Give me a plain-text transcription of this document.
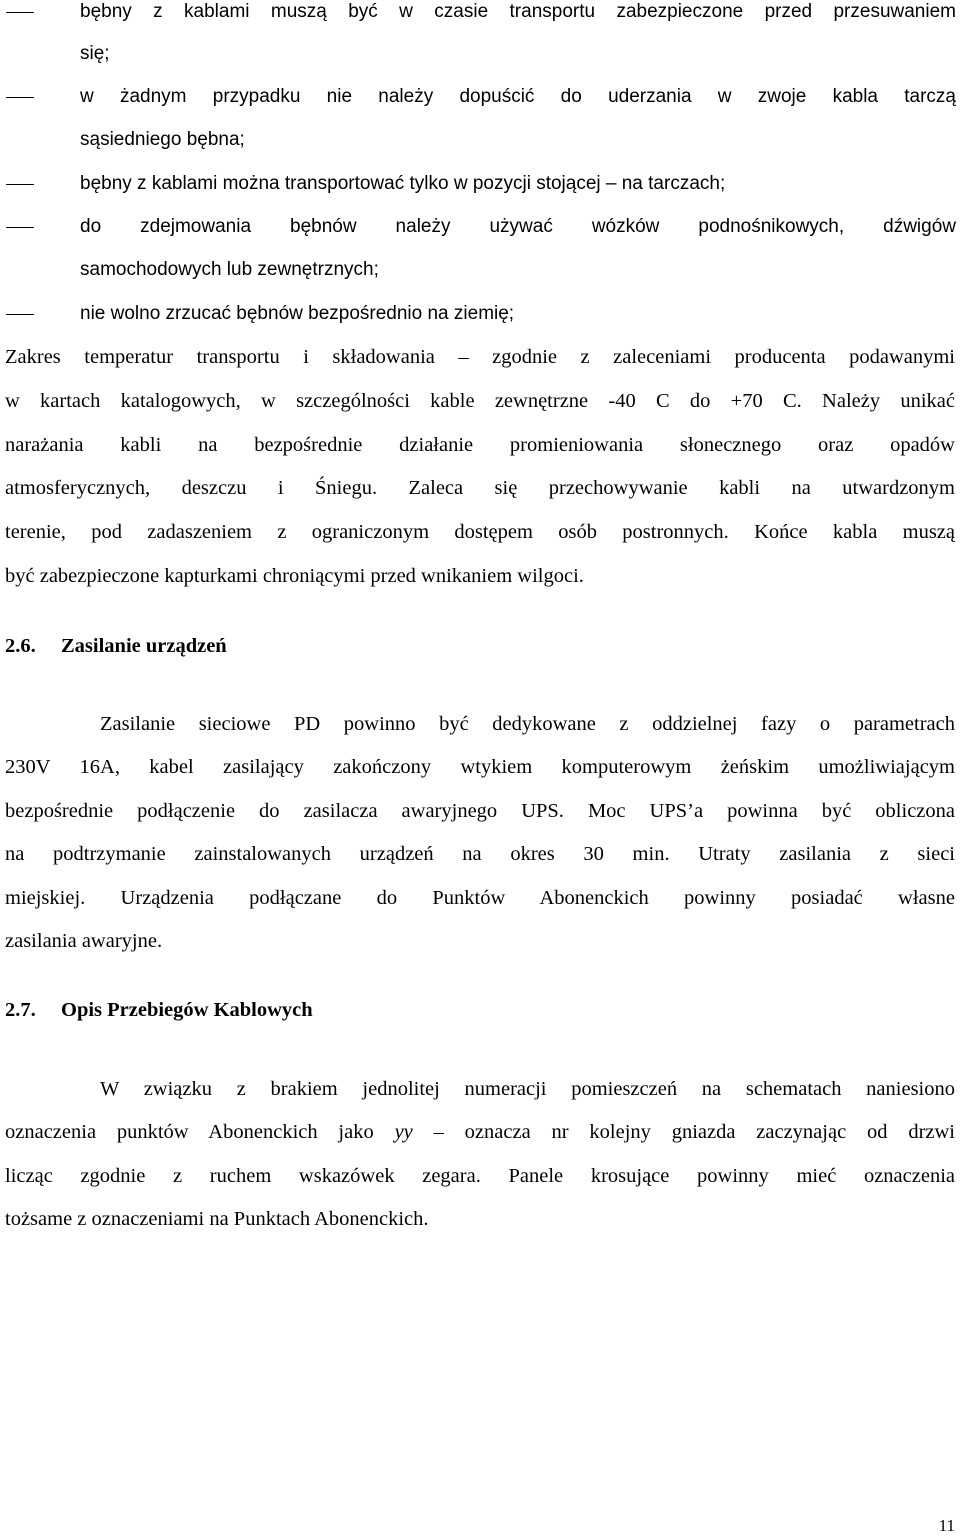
bębny z kablami muszą być w czasie transportu zabezpieczone przed przesuwaniem
się;
w żadnym przypadku nie należy dopuścić do uderzania w zwoje kabla tarczą
sąsiedniego bębna;
bębny z kablami można transportować tylko w pozycji stojącej – na tarczach;
do zdejmowania bębnów należy używać wózków podnośnikowych, dźwigów
samochodowych lub zewnętrznych;
nie wolno zrzucać bębnów bezpośrednio na ziemię;
Zakres temperatur transportu i składowania – zgodnie z zaleceniami producenta podawanymi
w kartach katalogowych, w szczególności kable zewnętrzne -40 C do +70 C. Należy unikać
narażania kabli na bezpośrednie działanie promieniowania słonecznego oraz opadów
atmosferycznych, deszczu i Śniegu. Zaleca się przechowywanie kabli na utwardzonym
terenie, pod zadaszeniem z ograniczonym dostępem osób postronnych. Końce kabla muszą
być zabezpieczone kapturkami chroniącymi przed wnikaniem wilgoci.
2.6. Zasilanie urządzeń
Zasilanie sieciowe PD powinno być dedykowane z oddzielnej fazy o parametrach
230V 16A, kabel zasilający zakończony wtykiem komputerowym żeńskim umożliwiającym
bezpośrednie podłączenie do zasilacza awaryjnego UPS. Moc UPS’a powinna być obliczona
na podtrzymanie zainstalowanych urządzeń na okres 30 min. Utraty zasilania z sieci
miejskiej. Urządzenia podłączane do Punktów Abonenckich powinny posiadać własne
zasilania awaryjne.
2.7. Opis Przebiegów Kablowych
W związku z brakiem jednolitej numeracji pomieszczeń na schematach naniesiono
oznaczenia punktów Abonenckich jako yy – oznacza nr kolejny gniazda zaczynając od drzwi
licząc zgodnie z ruchem wskazówek zegara. Panele krosujące powinny mieć oznaczenia
tożsame z oznaczeniami na Punktach Abonenckich.
11
